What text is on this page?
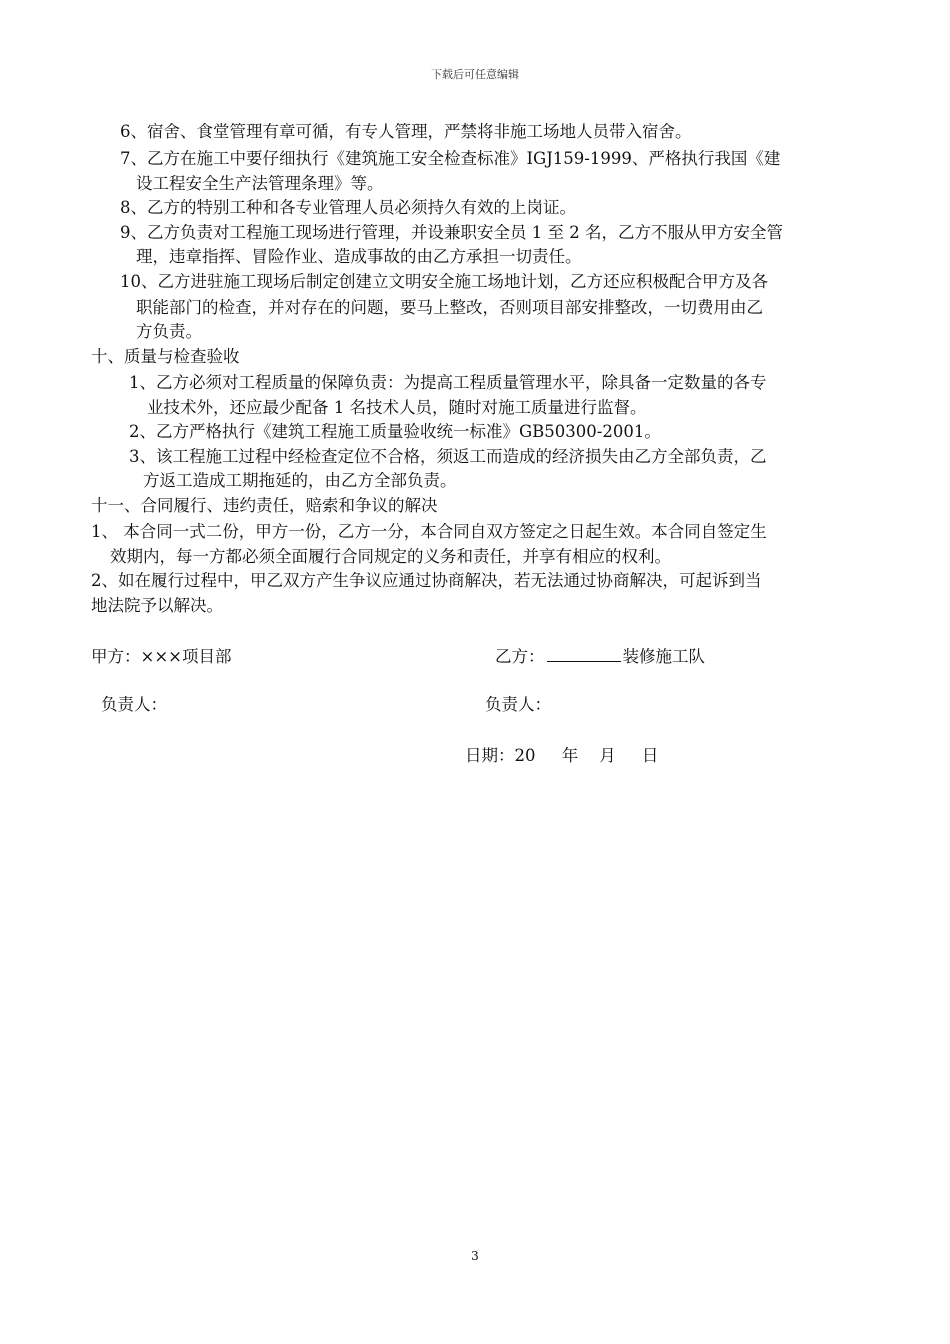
下载后可任意编辑
6、宿舍、食堂管理有章可循，有专人管理，严禁将非施工场地人员带入宿舍。
7、乙方在施工中要仔细执行《建筑施工安全检查标准》IGJ159-1999、严格执行我国《建
设工程安全生产法管理条理》等。
8、乙方的特别工种和各专业管理人员必须持久有效的上岗证。
9、乙方负责对工程施工现场进行管理，并设兼职安全员 1 至 2 名，乙方不服从甲方安全管
理，违章指挥、冒险作业、造成事故的由乙方承担一切责任。
10、乙方进驻施工现场后制定创建立文明安全施工场地计划，乙方还应积极配合甲方及各
职能部门的检查，并对存在的问题，要马上整改，否则项目部安排整改，一切费用由乙
方负责。
十、质量与检查验收
1、乙方必须对工程质量的保障负责：为提高工程质量管理水平，除具备一定数量的各专
业技术外，还应最少配备 1 名技术人员，随时对施工质量进行监督。
2、乙方严格执行《建筑工程施工质量验收统一标准》GB50300-2001。
3、该工程施工过程中经检查定位不合格，须返工而造成的经济损失由乙方全部负责，乙
方返工造成工期拖延的，由乙方全部负责。
十一、合同履行、违约责任，赔索和争议的解决
1、 本合同一式二份，甲方一份，乙方一分，本合同自双方签定之日起生效。本合同自签定生
效期内，每一方都必须全面履行合同规定的义务和责任，并享有相应的权利。
2、如在履行过程中，甲乙双方产生争议应通过协商解决，若无法通过协商解决，可起诉到当
地法院予以解决。
甲方：×××项目部	乙方：	装修施工队
负责人：	负责人：
日期：20     年    月     日
3
